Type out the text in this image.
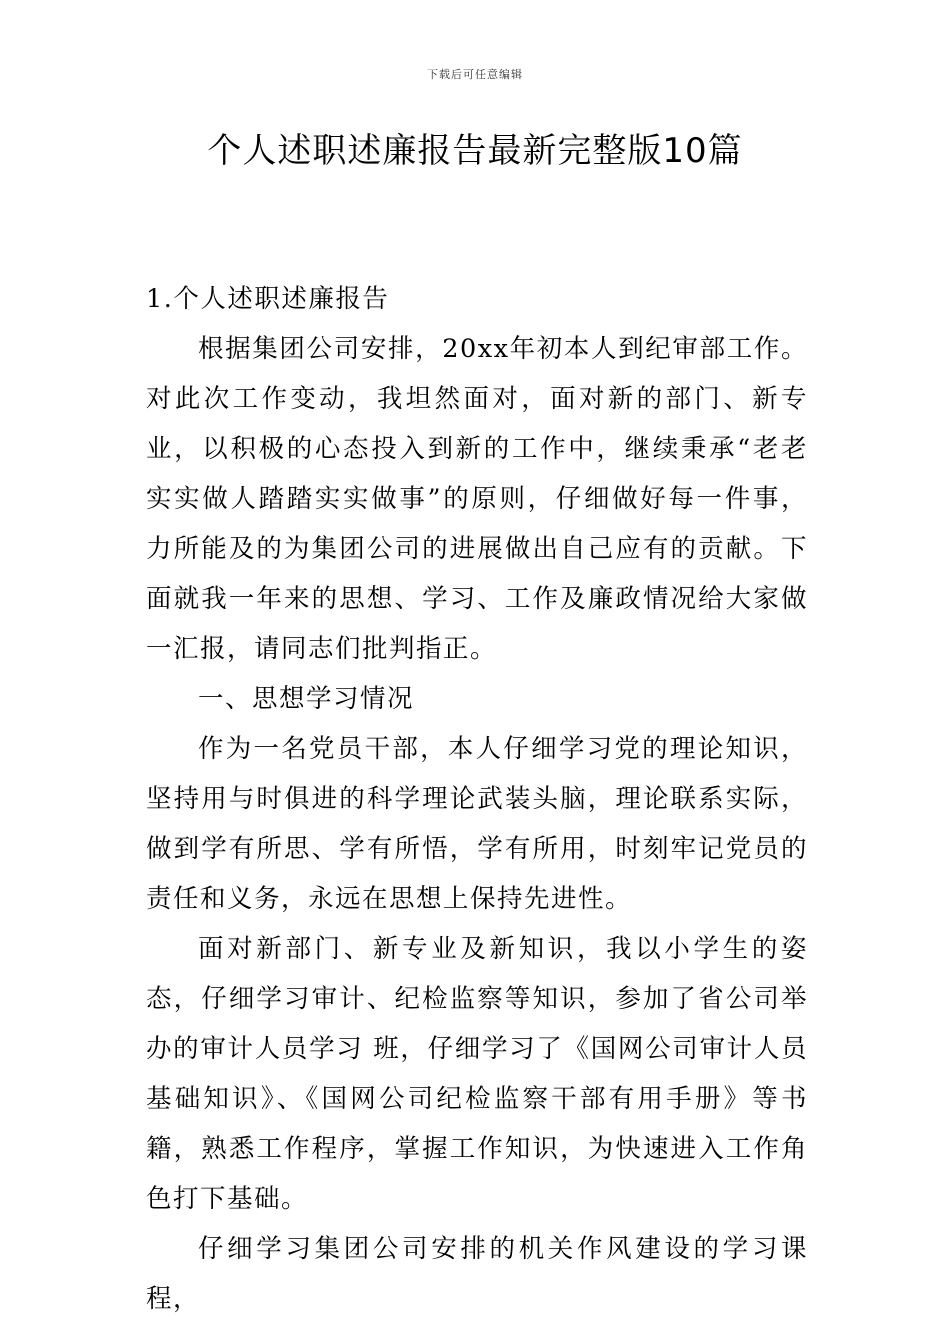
下载后可任意编辑
个人述职述廉报告最新完整版10篇

1.个人述职述廉报告

根据集团公司安排，20xx年初本人到纪审部工作。对此次工作变动，我坦然面对，面对新的部门、新专业，以积极的心态投入到新的工作中，继续秉承“老老实实做人踏踏实实做事”的原则，仔细做好每一件事，力所能及的为集团公司的进展做出自己应有的贡献。下面就我一年来的思想、学习、工作及廉政情况给大家做一汇报，请同志们批判指正。

一、思想学习情况

作为一名党员干部，本人仔细学习党的理论知识，坚持用与时俱进的科学理论武装头脑，理论联系实际，做到学有所思、学有所悟，学有所用，时刻牢记党员的责任和义务，永远在思想上保持先进性。

面对新部门、新专业及新知识，我以小学生的姿态，仔细学习审计、纪检监察等知识，参加了省公司举办的审计人员学习 班，仔细学习了《国网公司审计人员基础知识》、《国网公司纪检监察干部有用手册》等书籍，熟悉工作程序，掌握工作知识，为快速进入工作角色打下基础。

仔细学习集团公司安排的机关作风建设的学习课程，
